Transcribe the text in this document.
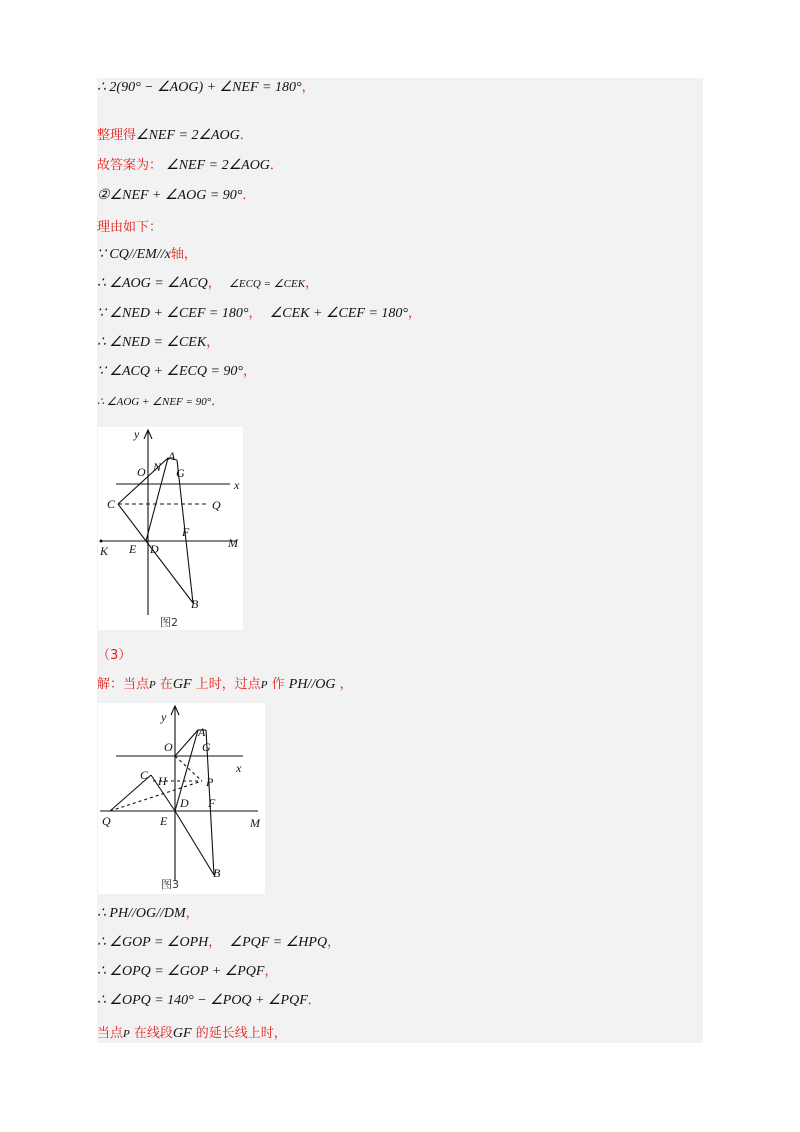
∴ 2(90° − ∠AOG) + ∠NEF = 180°，
整理得∠NEF = 2∠AOG．
故答案为： ∠NEF = 2∠AOG．
②∠NEF + ∠AOG = 90°．
理由如下：
∵ CQ//EM//x轴，
∴ ∠AOG = ∠ACQ， ∠ECQ = ∠CEK，
∵ ∠NED + ∠CEF = 180°， ∠CEK + ∠CEF = 180°，
∴ ∠NED = ∠CEK，
∵ ∠ACQ + ∠ECQ = 90°，
∴ ∠AOG + ∠NEF = 90°．
y
x
O N
A
G
C	Q
F
K E D	M
B
图2
（3）
解：当点P 在GF 上时，过点P 作 PH//OG ，
y
x
O
A
G
C H	P
D F
Q	E	M
B
图3
∴ PH//OG//DM，
∴ ∠GOP = ∠OPH， ∠PQF = ∠HPQ，
∴ ∠OPQ = ∠GOP + ∠PQF，
∴ ∠OPQ = 140° − ∠POQ + ∠PQF．
当点P 在线段GF 的延长线上时，
